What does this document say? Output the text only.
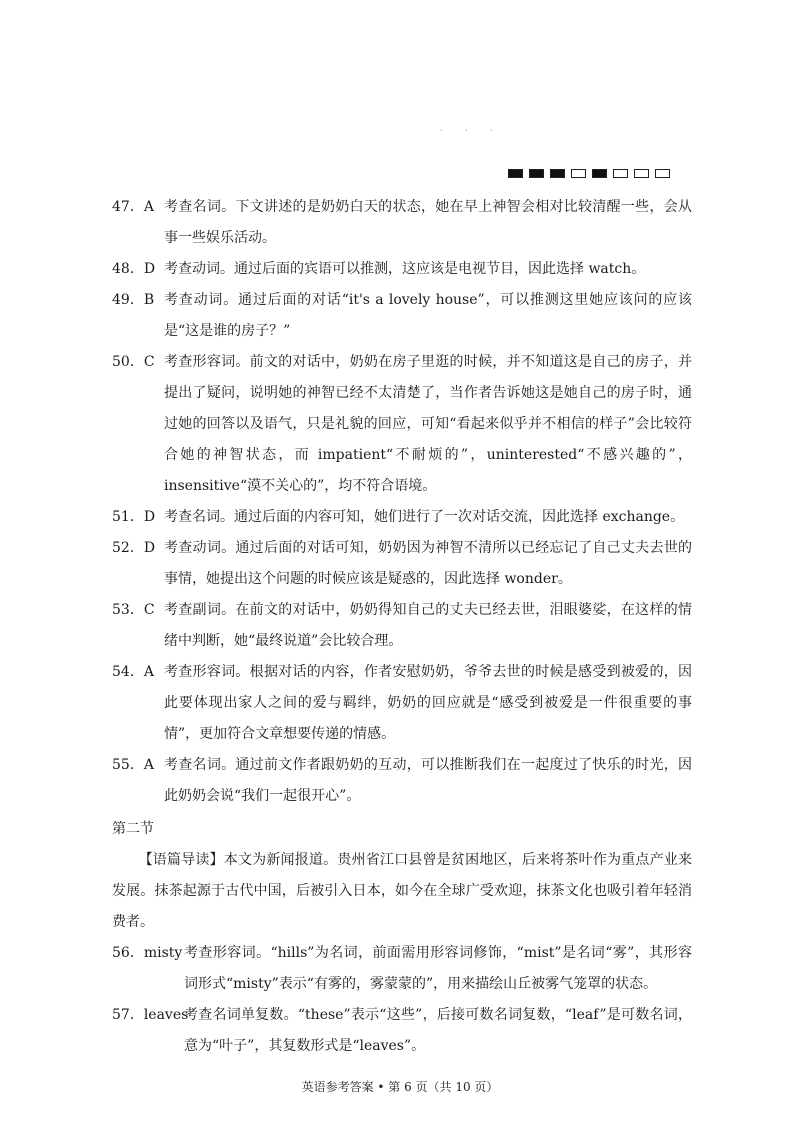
· · ·
47．A 考查名词。下文讲述的是奶奶白天的状态，她在早上神智会相对比较清醒一些，会从事一些娱乐活动。
48．D 考查动词。通过后面的宾语可以推测，这应该是电视节目，因此选择 watch。
49．B 考查动词。通过后面的对话“it's a lovely house”，可以推测这里她应该问的应该是“这是谁的房子？”
50．C 考查形容词。前文的对话中，奶奶在房子里逛的时候，并不知道这是自己的房子，并提出了疑问，说明她的神智已经不太清楚了，当作者告诉她这是她自己的房子时，通过她的回答以及语气，只是礼貌的回应，可知“看起来似乎并不相信的样子”会比较符合她的神智状态，而 impatient“不耐烦的”，uninterested“不感兴趣的”，insensitive“漠不关心的”，均不符合语境。
51．D 考查名词。通过后面的内容可知，她们进行了一次对话交流，因此选择 exchange。
52．D 考查动词。通过后面的对话可知，奶奶因为神智不清所以已经忘记了自己丈夫去世的事情，她提出这个问题的时候应该是疑惑的，因此选择 wonder。
53．C 考查副词。在前文的对话中，奶奶得知自己的丈夫已经去世，泪眼婆娑，在这样的情绪中判断，她“最终说道”会比较合理。
54．A 考查形容词。根据对话的内容，作者安慰奶奶，爷爷去世的时候是感受到被爱的，因此要体现出家人之间的爱与羁绊，奶奶的回应就是“感受到被爱是一件很重要的事情”，更加符合文章想要传递的情感。
55．A 考查名词。通过前文作者跟奶奶的互动，可以推断我们在一起度过了快乐的时光，因此奶奶会说“我们一起很开心”。
第二节
【语篇导读】本文为新闻报道。贵州省江口县曾是贫困地区，后来将茶叶作为重点产业来发展。抹茶起源于古代中国，后被引入日本，如今在全球广受欢迎，抹茶文化也吸引着年轻消费者。
56．misty 考查形容词。“hills”为名词，前面需用形容词修饰，“mist”是名词“雾”，其形容词形式“misty”表示“有雾的，雾蒙蒙的”，用来描绘山丘被雾气笼罩的状态。
57．leaves
考查名词单复数。“these”表示“这些”，后接可数名词复数，“leaf”是可数名词，意为“叶子”，其复数形式是“leaves”。
英语参考答案 • 第 6 页（共 10 页）
